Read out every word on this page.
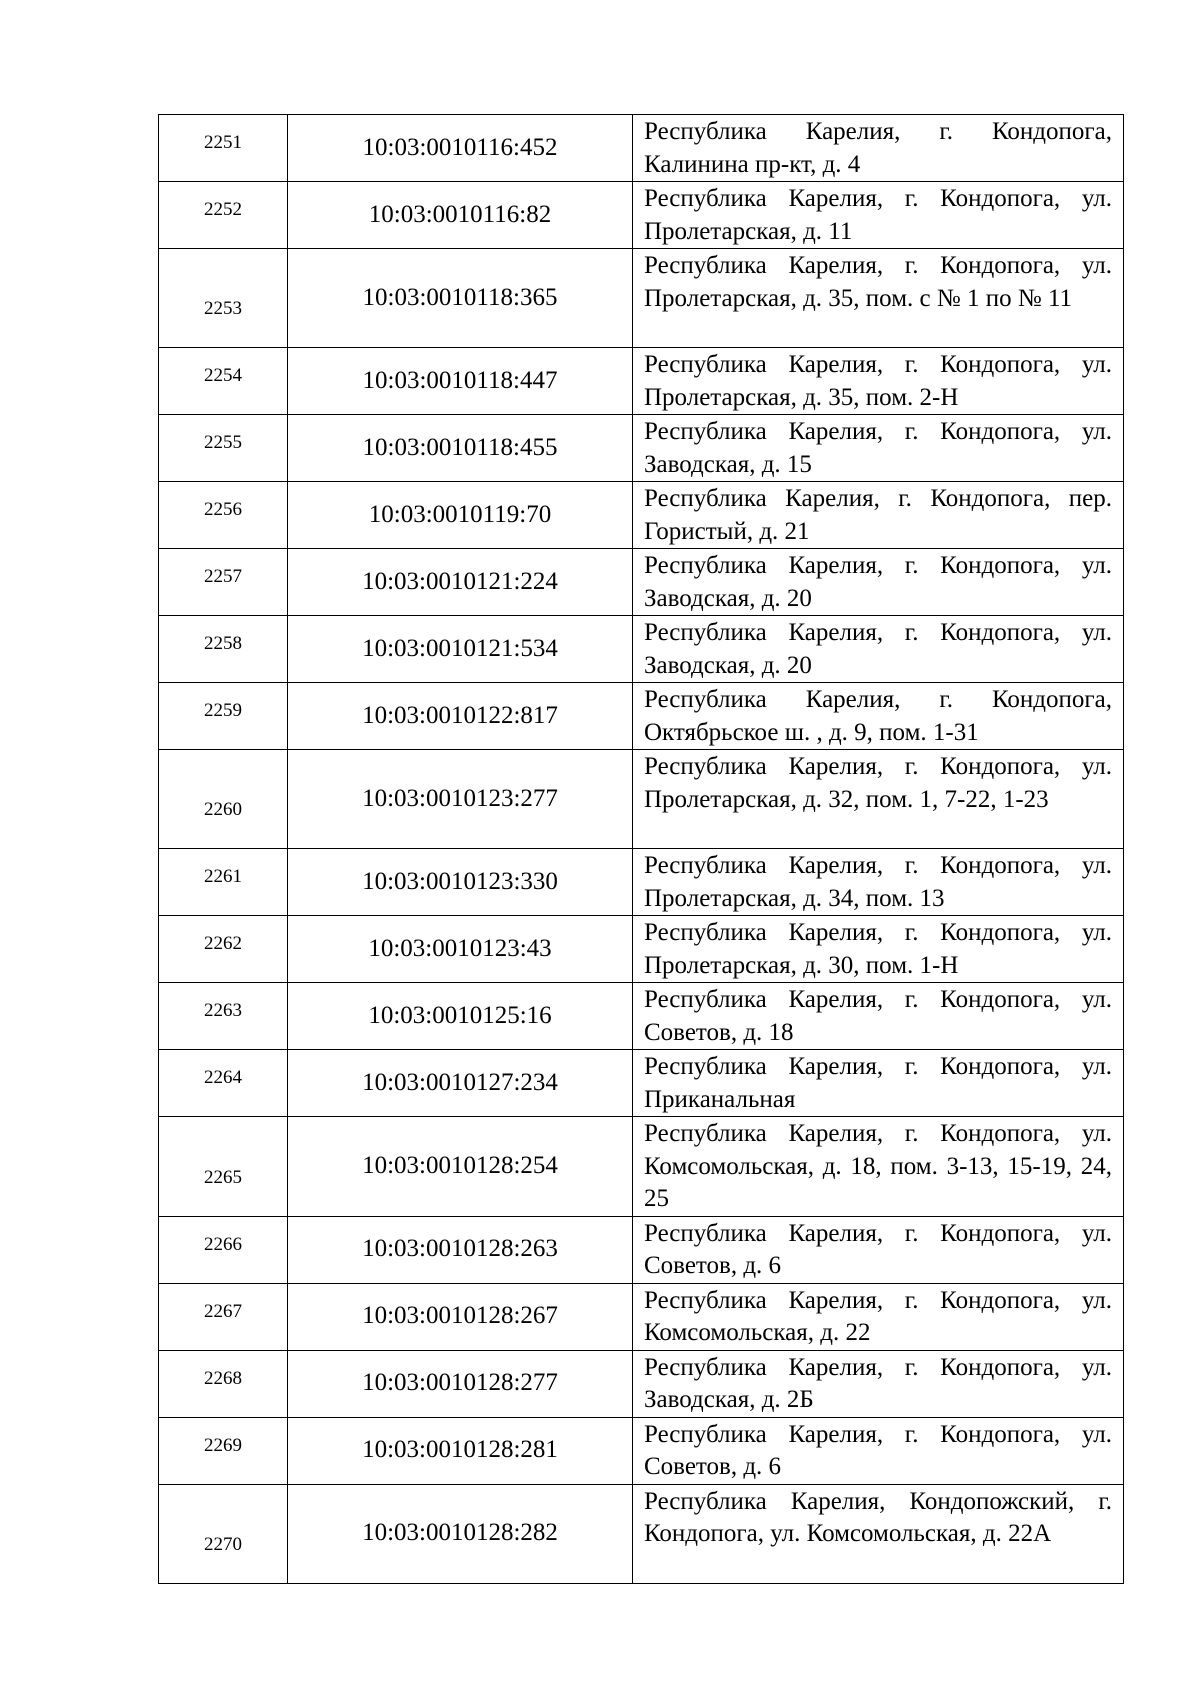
2251	10:03:0010116:452	Республика Карелия, г. Кондопога, Калинина пр-кт, д. 4
2252	10:03:0010116:82	Республика Карелия, г. Кондопога, ул. Пролетарская, д. 11
2253	10:03:0010118:365	Республика Карелия, г. Кондопога, ул. Пролетарская, д. 35, пом. с № 1 по № 11
2254	10:03:0010118:447	Республика Карелия, г. Кондопога, ул. Пролетарская, д. 35, пом. 2-Н
2255	10:03:0010118:455	Республика Карелия, г. Кондопога, ул. Заводская, д. 15
2256	10:03:0010119:70	Республика Карелия, г. Кондопога, пер. Гористый, д. 21
2257	10:03:0010121:224	Республика Карелия, г. Кондопога, ул. Заводская, д. 20
2258	10:03:0010121:534	Республика Карелия, г. Кондопога, ул. Заводская, д. 20
2259	10:03:0010122:817	Республика Карелия, г. Кондопога, Октябрьское ш. , д. 9, пом. 1-31
2260	10:03:0010123:277	Республика Карелия, г. Кондопога, ул. Пролетарская, д. 32, пом. 1, 7-22, 1-23
2261	10:03:0010123:330	Республика Карелия, г. Кондопога, ул. Пролетарская, д. 34, пом. 13
2262	10:03:0010123:43	Республика Карелия, г. Кондопога, ул. Пролетарская, д. 30, пом. 1-Н
2263	10:03:0010125:16	Республика Карелия, г. Кондопога, ул. Советов, д. 18
2264	10:03:0010127:234	Республика Карелия, г. Кондопога, ул. Приканальная
2265	10:03:0010128:254	Республика Карелия, г. Кондопога, ул. Комсомольская, д. 18, пом. 3-13, 15-19, 24, 25
2266	10:03:0010128:263	Республика Карелия, г. Кондопога, ул. Советов, д. 6
2267	10:03:0010128:267	Республика Карелия, г. Кондопога, ул. Комсомольская, д. 22
2268	10:03:0010128:277	Республика Карелия, г. Кондопога, ул. Заводская, д. 2Б
2269	10:03:0010128:281	Республика Карелия, г. Кондопога, ул. Советов, д. 6
2270	10:03:0010128:282	Республика Карелия, Кондопожский, г. Кондопога, ул. Комсомольская, д. 22А
